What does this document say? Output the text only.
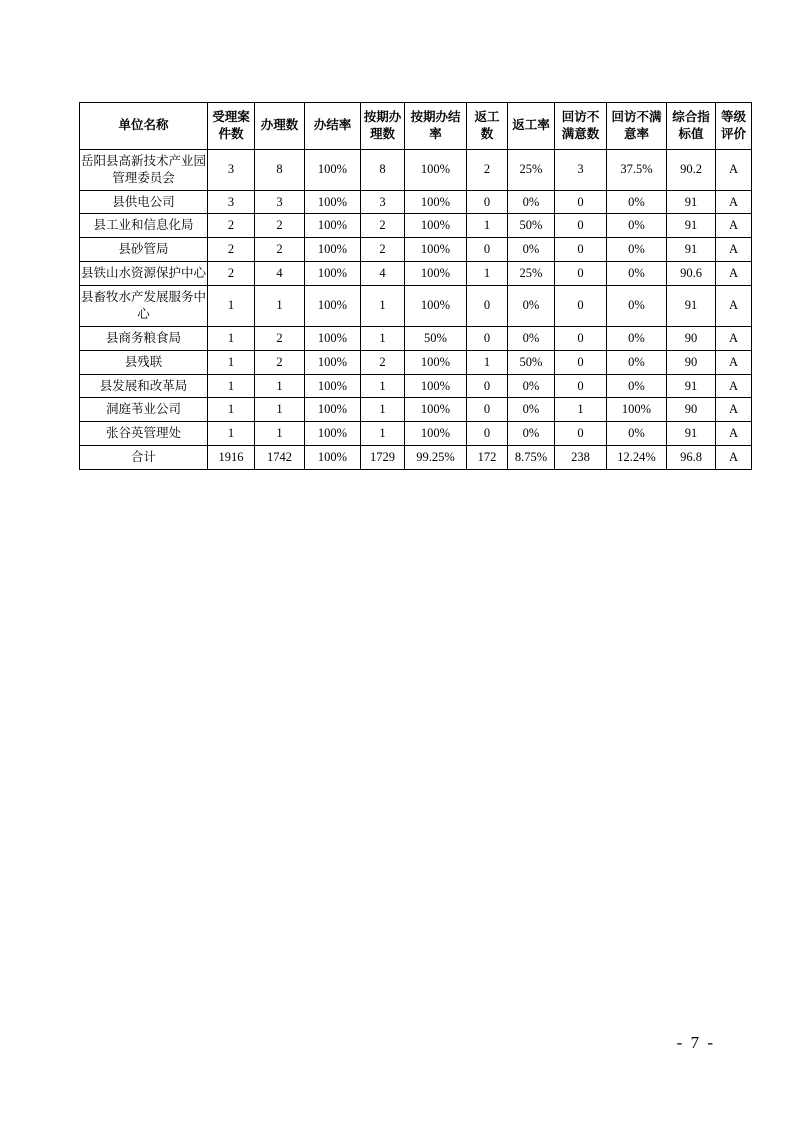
单位名称	受理案件数	办理数	办结率	按期办理数	按期办结率	返工数	返工率	回访不满意数	回访不满意率	综合指标值	等级评价
岳阳县高新技术产业园管理委员会	3	8	100%	8	100%	2	25%	3	37.5%	90.2	A
县供电公司	3	3	100%	3	100%	0	0%	0	0%	91	A
县工业和信息化局	2	2	100%	2	100%	1	50%	0	0%	91	A
县砂管局	2	2	100%	2	100%	0	0%	0	0%	91	A
县铁山水资源保护中心	2	4	100%	4	100%	1	25%	0	0%	90.6	A
县畜牧水产发展服务中心	1	1	100%	1	100%	0	0%	0	0%	91	A
县商务粮食局	1	2	100%	1	50%	0	0%	0	0%	90	A
县残联	1	2	100%	2	100%	1	50%	0	0%	90	A
县发展和改革局	1	1	100%	1	100%	0	0%	0	0%	91	A
洞庭苇业公司	1	1	100%	1	100%	0	0%	1	100%	90	A
张谷英管理处	1	1	100%	1	100%	0	0%	0	0%	91	A
合计	1916	1742	100%	1729	99.25%	172	8.75%	238	12.24%	96.8	A
- 7 -
